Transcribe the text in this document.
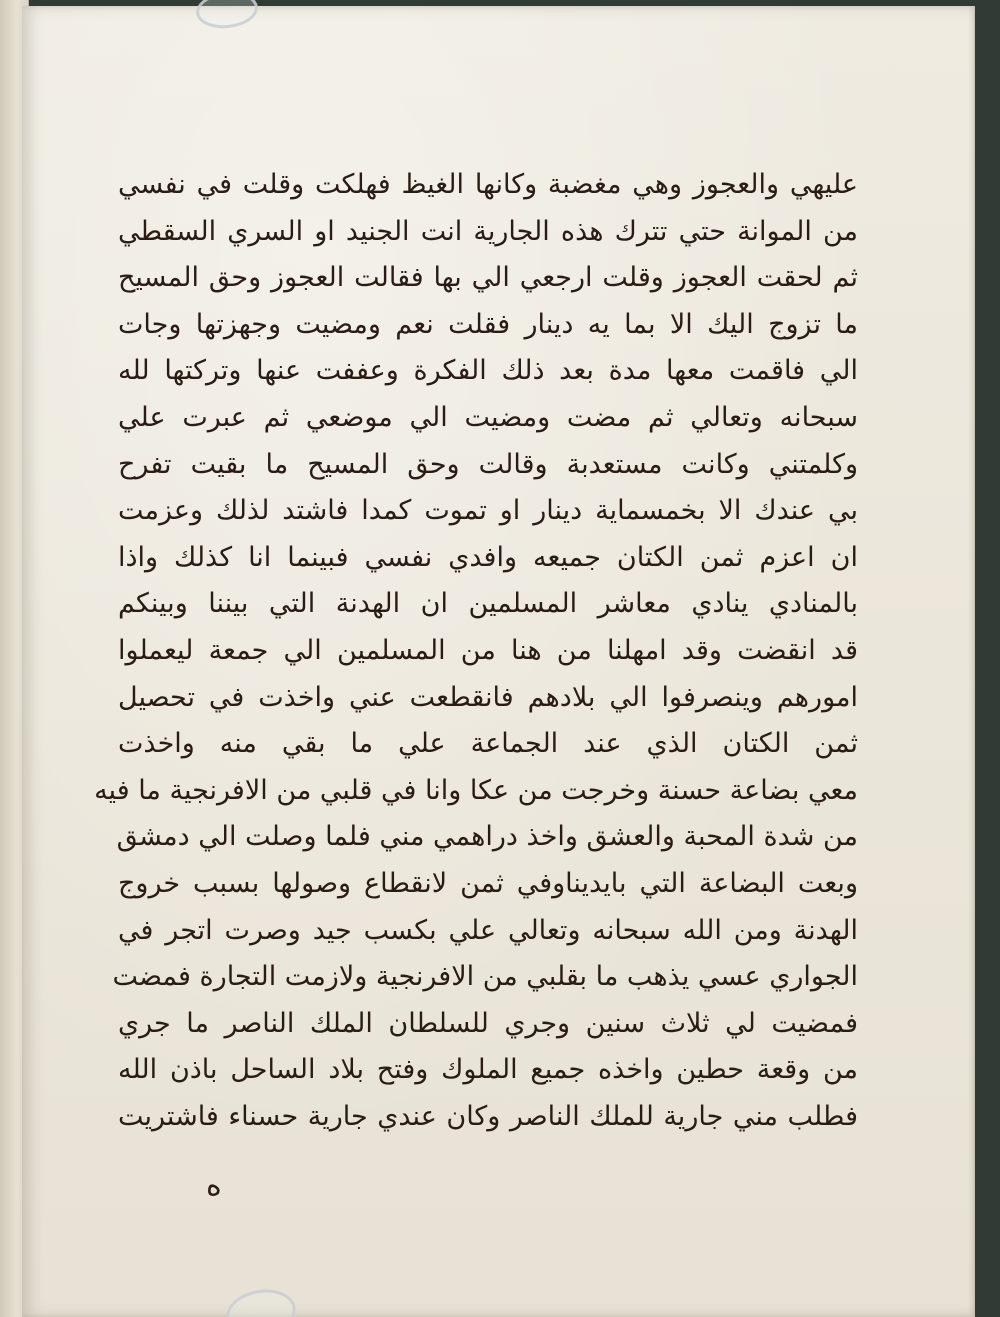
عليهي والعجوز وهي مغضبة وكانها الغيظ فهلكت وقلت في نفسي
من الموانة حتي تترك هذه الجارية انت الجنيد او السري السقطي
ثم لحقت العجوز وقلت ارجعي الي بها فقالت العجوز وحق المسيح
ما تزوج اليك الا بما يه دينار فقلت نعم ومضيت وجهزتها وجات
الي فاقمت معها مدة بعد ذلك الفكرة وعففت عنها وتركتها لله
سبحانه وتعالي ثم مضت ومضيت الي موضعي ثم عبرت علي
وكلمتني وكانت مستعدبة وقالت وحق المسيح ما بقيت تفرح
بي عندك الا بخمسماية دينار او تموت كمدا فاشتد لذلك وعزمت
ان اعزم ثمن الكتان جميعه وافدي نفسي فبينما انا كذلك واذا
بالمنادي ينادي معاشر المسلمين ان الهدنة التي بيننا وبينكم
قد انقضت وقد امهلنا من هنا من المسلمين الي جمعة ليعملوا
امورهم وينصرفوا الي بلادهم فانقطعت عني واخذت في تحصيل
ثمن الكتان الذي عند الجماعة علي ما بقي منه واخذت
معي بضاعة حسنة وخرجت من عكا وانا في قلبي من الافرنجية ما فيه
من شدة المحبة والعشق واخذ دراهمي مني فلما وصلت الي دمشق
وبعت البضاعة التي بايديناوفي ثمن لانقطاع وصولها بسبب خروج
الهدنة ومن الله سبحانه وتعالي علي بكسب جيد وصرت اتجر في
الجواري عسي يذهب ما بقلبي من الافرنجية ولازمت التجارة فمضت
فمضيت لي ثلاث سنين وجري للسلطان الملك الناصر ما جري
من وقعة حطين واخذه جميع الملوك وفتح بلاد الساحل باذن الله
فطلب مني جارية للملك الناصر وكان عندي جارية حسناء فاشتريت
ه
